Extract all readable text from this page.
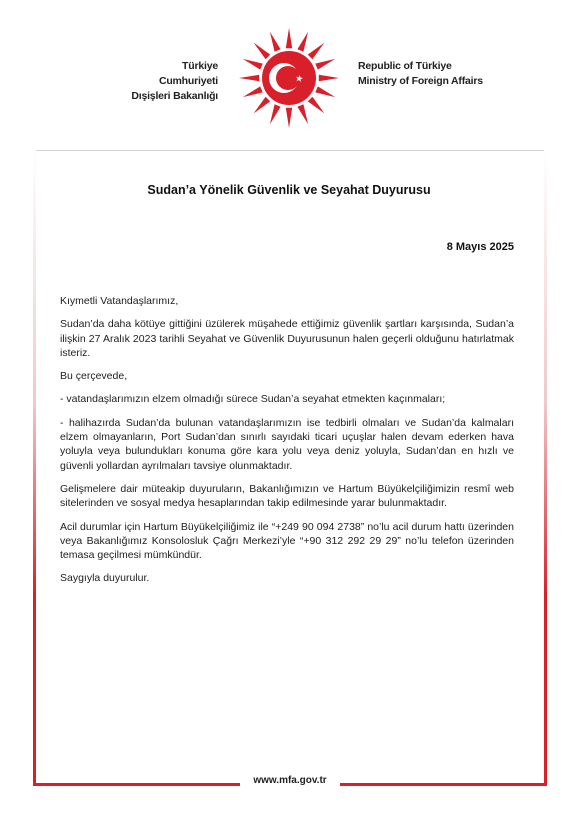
Türkiye Cumhuriyeti
Dışişleri Bakanlığı
Republic of Türkiye
Ministry of Foreign Affairs
Sudan’a Yönelik Güvenlik ve Seyahat Duyurusu
8 Mayıs 2025

Kıymetli Vatandaşlarımız,

Sudan’da daha kötüye gittiğini üzülerek müşahede ettiğimiz güvenlik şartları karşısında, Sudan’a ilişkin 27 Aralık 2023 tarihli Seyahat ve Güvenlik Duyurusunun halen geçerli olduğunu hatırlatmak isteriz.

Bu çerçevede,

- vatandaşlarımızın elzem olmadığı sürece Sudan’a seyahat etmekten kaçınmaları;

- halihazırda Sudan’da bulunan vatandaşlarımızın ise tedbirli olmaları ve Sudan’da kalmaları elzem olmayanların, Port Sudan’dan sınırlı sayıdaki ticari uçuşlar halen devam ederken hava yoluyla veya bulundukları konuma göre kara yolu veya deniz yoluyla, Sudan’dan en hızlı ve güvenli yollardan ayrılmaları tavsiye olunmaktadır.

Gelişmelere dair müteakip duyuruların, Bakanlığımızın ve Hartum Büyükelçiliğimizin resmî web sitelerinden ve sosyal medya hesaplarından takip edilmesinde yarar bulunmaktadır.

Acil durumlar için Hartum Büyükelçiliğimiz ile “+249 90 094 2738” no’lu acil durum hattı üzerinden veya Bakanlığımız Konsolosluk Çağrı Merkezi’yle “+90 312 292 29 29” no’lu telefon üzerinden temasa geçilmesi mümkündür.

Saygıyla duyurulur.

www.mfa.gov.tr
